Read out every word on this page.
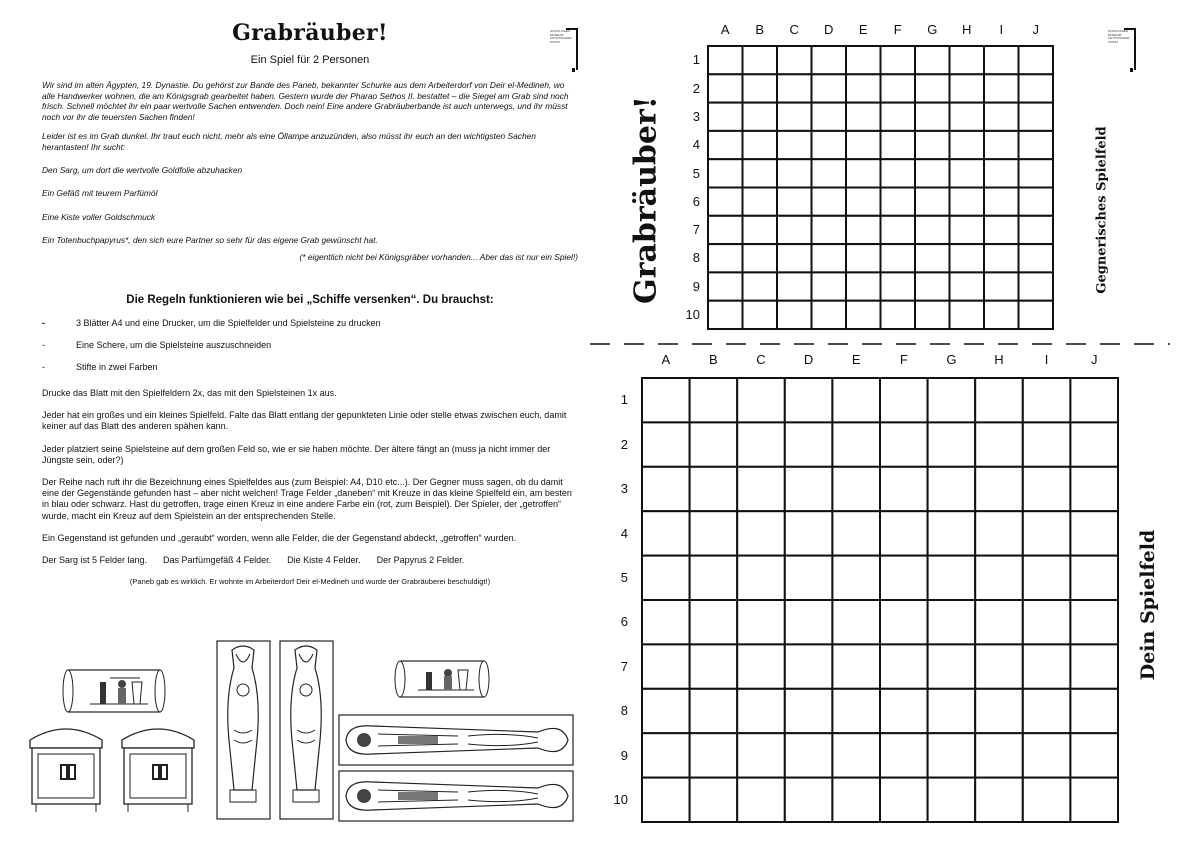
Grabräuber!
Ein Spiel für 2 Personen
STAATLICHES MUSEUM ÄGYPTISCHER KUNST

Wir sind im alten Ägypten, 19. Dynastie. Du gehörst zur Bande des Paneb, bekannter Schurke aus dem Arbeiterdorf von Deir el-Medineh, wo alle Handwerker wohnen, die am Königsgrab gearbeitet haben. Gestern wurde der Pharao Sethos II. bestattet – die Siegel am Grab sind noch frisch. Schnell möchtet ihr ein paar wertvolle Sachen entwenden. Doch nein! Eine andere Grabräuberbande ist auch unterwegs, und ihr müsst noch vor ihr die teuersten Sachen finden!

Leider ist es im Grab dunkel. Ihr traut euch nicht, mehr als eine Öllampe anzuzünden, also müsst ihr euch an den wichtigsten Sachen herantasten! Ihr sucht:

Den Sarg, um dort die wertvolle Goldfolie abzuhacken

Ein Gefäß mit teurem Parfümöl

Eine Kiste voller Goldschmuck

Ein Totenbuchpapyrus*, den sich eure Partner so sehr für das eigene Grab gewünscht hat.

(* eigentlich nicht bei Königsgräber vorhanden... Aber das ist nur ein Spiel!)

Die Regeln funktionieren wie bei „Schiffe versenken“. Du brauchst:
-	3 Blätter A4 und eine Drucker, um die Spielfelder und Spielsteine zu drucken
-	Eine Schere, um die Spielsteine auszuschneiden
-	Stifte in zwei Farben

Drucke das Blatt mit den Spielfeldern 2x, das mit den Spielsteinen 1x aus.

Jeder hat ein großes und ein kleines Spielfeld. Falte das Blatt entlang der gepunkteten Linie oder stelle etwas zwischen euch, damit keiner auf das Blatt des anderen spähen kann.

Jeder platziert seine Spielsteine auf dem großen Feld so, wie er sie haben möchte. Der ältere fängt an (muss ja nicht immer der Jüngste sein, oder?)

Der Reihe nach ruft ihr die Bezeichnung eines Spielfeldes aus (zum Beispiel: A4, D10 etc...). Der Gegner muss sagen, ob du damit eine der Gegenstände gefunden hast – aber nicht welchen! Trage Felder „daneben“ mit Kreuze in das kleine Spielfeld ein, am besten in blau oder schwarz. Hast du getroffen, trage einen Kreuz in eine andere Farbe ein (rot, zum Beispiel). Der Spieler, der „getroffen“ wurde, macht ein Kreuz auf dem Spielstein an der entsprechenden Stelle.

Ein Gegenstand ist gefunden und „geraubt“ worden, wenn alle Felder, die der Gegenstand abdeckt, „getroffen“ wurden.

Der Sarg ist 5 Felder lang. Das Parfümgefäß 4 Felder. Die Kiste 4 Felder. Der Papyrus 2 Felder.
(Paneb gab es wirklich. Er wohnte im Arbeiterdorf Deir el-Medineh und wurde der Grabräuberei beschuldigt!)
Grabräuber!	Gegnerisches Spielfeld
Dein Spielfeld
STAATLICHES MUSEUM ÄGYPTISCHER KUNST
A	B	C	D	E	F	G	H	I	J
1
2
3
4
5
6
7
8
9
10
A	B	C	D	E	F	G	H	I	J
1
2
3
4
5
6
7
8
9
10
